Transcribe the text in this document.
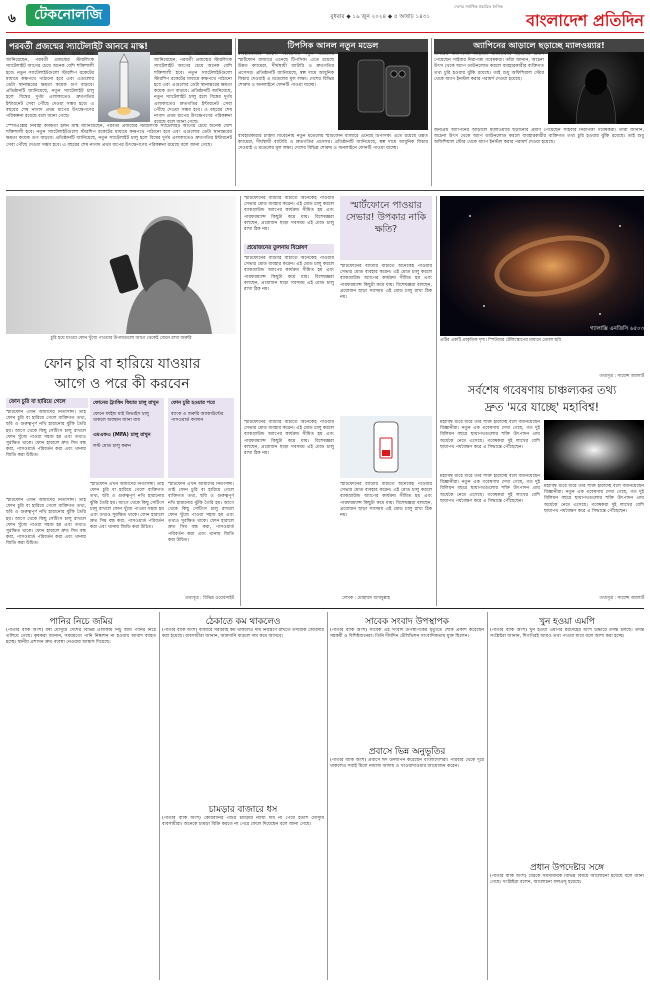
৬	টেকনোলজি	বুধবার ◆ ১৯ জুন ২০২৪ ◆ ৫ আষাঢ় ১৪৩১
দেশের সর্বাধিক প্রচারিত দৈনিক
বাংলাদেশ প্রতিদিন
পরবর্তী প্রজন্মের স্যাটেলাইট আনবে মাস্ক!
স্পেসএক্সের নির্বাহী কর্মকর্তা ইলন মাস্ক জানিয়েছেন, পরবর্তী প্রজন্মের স্টারলিংক স্যাটেলাইট আগের চেয়ে অনেক বেশি শক্তিশালী হবে। নতুন স্যাটেলাইটগুলো স্টারশিপ রকেটের মাধ্যমে কক্ষপথে পাঠানো হবে এবং এগুলোর ডেটা স্থানান্তরের ক্ষমতা কয়েক গুণ বাড়বে। প্রতিষ্ঠানটি জানিয়েছে, নতুন স্যাটেলাইট চালু হলে বিশ্বের দুর্গম এলাকাতেও দ্রুতগতির ইন্টারনেট সেবা পৌঁছে দেওয়া সম্ভব হবে। এ বছরের শেষ নাগাদ প্রথম ধাপের উৎক্ষেপণের পরিকল্পনা রয়েছে বলে জানা গেছে।
স্পেসএক্সের নির্বাহী কর্মকর্তা ইলন মাস্ক জানিয়েছেন, পরবর্তী প্রজন্মের স্টারলিংক স্যাটেলাইট আগের চেয়ে অনেক বেশি শক্তিশালী হবে। নতুন স্যাটেলাইটগুলো স্টারশিপ রকেটের মাধ্যমে কক্ষপথে পাঠানো হবে এবং এগুলোর ডেটা স্থানান্তরের ক্ষমতা কয়েক গুণ বাড়বে। প্রতিষ্ঠানটি জানিয়েছে, নতুন স্যাটেলাইট চালু হলে বিশ্বের দুর্গম এলাকাতেও দ্রুতগতির ইন্টারনেট সেবা পৌঁছে দেওয়া সম্ভব হবে। এ বছরের শেষ নাগাদ প্রথম ধাপের উৎক্ষেপণের পরিকল্পনা রয়েছে বলে জানা গেছে।
স্পেসএক্সের নির্বাহী কর্মকর্তা ইলন মাস্ক জানিয়েছেন, পরবর্তী প্রজন্মের স্টারলিংক স্যাটেলাইট আগের চেয়ে অনেক বেশি শক্তিশালী হবে। নতুন স্যাটেলাইটগুলো স্টারশিপ রকেটের মাধ্যমে কক্ষপথে পাঠানো হবে এবং এগুলোর ডেটা স্থানান্তরের ক্ষমতা কয়েক গুণ বাড়বে। প্রতিষ্ঠানটি জানিয়েছে, নতুন স্যাটেলাইট চালু হলে বিশ্বের দুর্গম এলাকাতেও দ্রুতগতির ইন্টারনেট সেবা পৌঁছে দেওয়া সম্ভব হবে। এ বছরের শেষ নাগাদ প্রথম ধাপের উৎক্ষেপণের পরিকল্পনা রয়েছে বলে জানা গেছে।
টিপসিক আনল নতুন মডেল
ব্যবহারকারীর চাহিদা বিবেচনায় নতুন মডেলের স্মার্টফোন বাজারে এনেছে টিপসিক। এতে রয়েছে উন্নত ক্যামেরা, দীর্ঘস্থায়ী ব্যাটারি ও দ্রুতগতির প্রসেসর। প্রতিষ্ঠানটি জানিয়েছে, স্বল্প দামে আধুনিক ফিচার দেওয়াই এ মডেলের মূল লক্ষ্য। দেশের বিভিন্ন শোরুম ও অনলাইনে ফোনটি পাওয়া যাচ্ছে।
ব্যবহারকারীর চাহিদা বিবেচনায় নতুন মডেলের স্মার্টফোন বাজারে এনেছে টিপসিক। এতে রয়েছে উন্নত ক্যামেরা, দীর্ঘস্থায়ী ব্যাটারি ও দ্রুতগতির প্রসেসর। প্রতিষ্ঠানটি জানিয়েছে, স্বল্প দামে আধুনিক ফিচার দেওয়াই এ মডেলের মূল লক্ষ্য। দেশের বিভিন্ন শোরুম ও অনলাইনে ফোনটি পাওয়া যাচ্ছে।
অ্যাপিনের আড়ালে ছড়াচ্ছে ম্যালওয়্যার!
জনপ্রিয় অ্যাপিনের আড়ালে ম্যালওয়্যার ছড়ানোর প্রমাণ পেয়েছেন সাইবার নিরাপত্তা গবেষকরা। তাঁরা জানান, অচেনা উৎস থেকে অ্যাপ ডাউনলোড করলে ব্যবহারকারীর ব্যক্তিগত তথ্য চুরি হওয়ার ঝুঁকি রয়েছে। তাই শুধু অফিশিয়াল স্টোর থেকে অ্যাপ ইনস্টল করার পরামর্শ দেওয়া হয়েছে।
জনপ্রিয় অ্যাপিনের আড়ালে ম্যালওয়্যার ছড়ানোর প্রমাণ পেয়েছেন সাইবার নিরাপত্তা গবেষকরা। তাঁরা জানান, অচেনা উৎস থেকে অ্যাপ ডাউনলোড করলে ব্যবহারকারীর ব্যক্তিগত তথ্য চুরি হওয়ার ঝুঁকি রয়েছে। তাই শুধু অফিশিয়াল স্টোর থেকে অ্যাপ ইনস্টল করার পরামর্শ দেওয়া হয়েছে।
চুরি হয়ে যাওয়া ফোন খুঁজে পাওয়ার উপায়গুলো আগে থেকেই জেনে রাখা জরুরি
ফোন চুরি বা হারিয়ে যাওয়ার
আগে ও পরে কী করবেন
ফোন চুরি বা হারিয়ে গেলে
স্মার্টফোন এখন আমাদের নিত্যসঙ্গী। তাই ফোন চুরি বা হারিয়ে গেলে ব্যক্তিগত তথ্য, ছবি ও গুরুত্বপূর্ণ নথি হারানোর ঝুঁকি তৈরি হয়। আগে থেকে কিছু সেটিংস চালু রাখলে ফোন খুঁজে পাওয়া সহজ হয় এবং তথ্যও সুরক্ষিত থাকে। ফোন হারালে দ্রুত সিম বন্ধ করা, পাসওয়ার্ড পরিবর্তন করা এবং থানায় জিডি করা উচিত।
ফোনের ট্র্যাকিং ফিচার চালু রাখুন
ফোনে ফাইন্ড মাই ডিভাইস চালু থাকলে অবস্থান জানা যায়
এমএফএ (MFA) চালু রাখুন
লস্ট মোড চালু করুন
ফোন চুরি হওয়ার পরে
ব্যাংক ও জরুরি অ্যাকাউন্টের পাসওয়ার্ড বদলান
স্মার্টফোন এখন আমাদের নিত্যসঙ্গী। তাই ফোন চুরি বা হারিয়ে গেলে ব্যক্তিগত তথ্য, ছবি ও গুরুত্বপূর্ণ নথি হারানোর ঝুঁকি তৈরি হয়। আগে থেকে কিছু সেটিংস চালু রাখলে ফোন খুঁজে পাওয়া সহজ হয় এবং তথ্যও সুরক্ষিত থাকে। ফোন হারালে দ্রুত সিম বন্ধ করা, পাসওয়ার্ড পরিবর্তন করা এবং থানায় জিডি করা উচিত।
স্মার্টফোন এখন আমাদের নিত্যসঙ্গী। তাই ফোন চুরি বা হারিয়ে গেলে ব্যক্তিগত তথ্য, ছবি ও গুরুত্বপূর্ণ নথি হারানোর ঝুঁকি তৈরি হয়। আগে থেকে কিছু সেটিংস চালু রাখলে ফোন খুঁজে পাওয়া সহজ হয় এবং তথ্যও সুরক্ষিত থাকে। ফোন হারালে দ্রুত সিম বন্ধ করা, পাসওয়ার্ড পরিবর্তন করা এবং থানায় জিডি করা উচিত।
স্মার্টফোন এখন আমাদের নিত্যসঙ্গী। তাই ফোন চুরি বা হারিয়ে গেলে ব্যক্তিগত তথ্য, ছবি ও গুরুত্বপূর্ণ নথি হারানোর ঝুঁকি তৈরি হয়। আগে থেকে কিছু সেটিংস চালু রাখলে ফোন খুঁজে পাওয়া সহজ হয় এবং তথ্যও সুরক্ষিত থাকে। ফোন হারালে দ্রুত সিম বন্ধ করা, পাসওয়ার্ড পরিবর্তন করা এবং থানায় জিডি করা উচিত।
তথ্যসূত্র : বিভিন্ন ওয়েবসাইট
স্মার্টফোনের ব্যাটারি বাঁচাতে অনেকেই পাওয়ার সেভার মোড ব্যবহার করেন। এই মোড চালু করলে ব্যাকগ্রাউন্ড অ্যাপের কার্যক্রম সীমিত হয় এবং পারফরম্যান্স কিছুটা কমে যায়। বিশেষজ্ঞরা বলছেন, প্রয়োজন ছাড়া সবসময় এই মোড চালু রাখা ঠিক নয়।
স্মার্টফোনে পাওয়ার সেভার! উপকার নাকি ক্ষতি?
প্রয়োজনের তুলনায় বিশ্লেষণ
স্মার্টফোনের ব্যাটারি বাঁচাতে অনেকেই পাওয়ার সেভার মোড ব্যবহার করেন। এই মোড চালু করলে ব্যাকগ্রাউন্ড অ্যাপের কার্যক্রম সীমিত হয় এবং পারফরম্যান্স কিছুটা কমে যায়। বিশেষজ্ঞরা বলছেন, প্রয়োজন ছাড়া সবসময় এই মোড চালু রাখা ঠিক নয়।
স্মার্টফোনের ব্যাটারি বাঁচাতে অনেকেই পাওয়ার সেভার মোড ব্যবহার করেন। এই মোড চালু করলে ব্যাকগ্রাউন্ড অ্যাপের কার্যক্রম সীমিত হয় এবং পারফরম্যান্স কিছুটা কমে যায়। বিশেষজ্ঞরা বলছেন, প্রয়োজন ছাড়া সবসময় এই মোড চালু রাখা ঠিক নয়।
স্মার্টফোনের ব্যাটারি বাঁচাতে অনেকেই পাওয়ার সেভার মোড ব্যবহার করেন। এই মোড চালু করলে ব্যাকগ্রাউন্ড অ্যাপের কার্যক্রম সীমিত হয় এবং পারফরম্যান্স কিছুটা কমে যায়। বিশেষজ্ঞরা বলছেন, প্রয়োজন ছাড়া সবসময় এই মোড চালু রাখা ঠিক নয়।
স্মার্টফোনের ব্যাটারি বাঁচাতে অনেকেই পাওয়ার সেভার মোড ব্যবহার করেন। এই মোড চালু করলে ব্যাকগ্রাউন্ড অ্যাপের কার্যক্রম সীমিত হয় এবং পারফরম্যান্স কিছুটা কমে যায়। বিশেষজ্ঞরা বলছেন, প্রয়োজন ছাড়া সবসময় এই মোড চালু রাখা ঠিক নয়।
লেখক : মোহাম্মদ আবদুল্লাহ
গ্যালাক্সি এনজিসি ৬৫০৩
এটির একটি প্রাকৃতিক দৃশ্য। স্পিটজার টেলিস্কোপের মাধ্যমে তোলা ছবি
তথ্যসূত্র : সায়েন্স অ্যালার্ট
সর্বশেষ গবেষণায় চাঞ্চল্যকর তথ্য
দ্রুত 'মরে যাচ্ছে' মহাবিশ্ব!
মহাবিশ্ব ধীরে ধীরে তার শক্তি হারাচ্ছে বলে জানিয়েছেন বিজ্ঞানীরা। নতুন এক গবেষণায় দেখা গেছে, গত দুই বিলিয়ন বছরে ছায়াপথগুলোর শক্তি উৎপাদন প্রায় অর্ধেকে নেমে এসেছে। গবেষকরা দুই লাখের বেশি ছায়াপথ পর্যবেক্ষণ করে এ সিদ্ধান্তে পৌঁছেছেন।
মহাবিশ্ব ধীরে ধীরে তার শক্তি হারাচ্ছে বলে জানিয়েছেন বিজ্ঞানীরা। নতুন এক গবেষণায় দেখা গেছে, গত দুই বিলিয়ন বছরে ছায়াপথগুলোর শক্তি উৎপাদন প্রায় অর্ধেকে নেমে এসেছে। গবেষকরা দুই লাখের বেশি ছায়াপথ পর্যবেক্ষণ করে এ সিদ্ধান্তে পৌঁছেছেন।
মহাবিশ্ব ধীরে ধীরে তার শক্তি হারাচ্ছে বলে জানিয়েছেন বিজ্ঞানীরা। নতুন এক গবেষণায় দেখা গেছে, গত দুই বিলিয়ন বছরে ছায়াপথগুলোর শক্তি উৎপাদন প্রায় অর্ধেকে নেমে এসেছে। গবেষকরা দুই লাখের বেশি ছায়াপথ পর্যবেক্ষণ করে এ সিদ্ধান্তে পৌঁছেছেন।
তথ্যসূত্র : সায়েন্স অ্যালার্ট
পানির নিচে জমির
(পাতার বাকি অংশ) বর্ষা মৌসুমে দেশের বিভিন্ন এলাকায় নিচু জমি পানির নিচে তলিয়ে গেছে। কৃষকরা জানান, সময়মতো পানি নিষ্কাশন না হওয়ায় আবাদ ব্যাহত হচ্ছে। স্থানীয় প্রশাসন দ্রুত ব্যবস্থা নেওয়ার আশ্বাস দিয়েছে।
ঠেকাতে কম থাকলেও
(পাতার বাকি অংশ) বাজারে সরবরাহ কম থাকলেও দাম নিয়ন্ত্রণে রাখতে তদারকি জোরদার করা হয়েছে। ব্যবসায়ীরা জানান, আমদানি বাড়লে দাম কমে আসবে।
চামড়ার বাজারে ধস
(পাতার বাকি অংশ) কোরবানির পশুর চামড়ার ন্যায্য দাম না পেয়ে হতাশ মৌসুমি ব্যবসায়ীরা। অনেকে চামড়া বিক্রি করতে না পেরে ফেলে দিয়েছেন বলে জানা গেছে।
সাবেক সংবাদ উপস্থাপক
(পাতার বাকি অংশ) সাবেক এই সংবাদ উপস্থাপকের মৃত্যুতে শোক প্রকাশ করেছেন সহকর্মী ও বিশিষ্টজনেরা। তিনি দীর্ঘদিন টেলিভিশন সাংবাদিকতায় যুক্ত ছিলেন।
প্রবাসে ভিন্ন অনুভূতির
(পাতার বাকি অংশ) প্রবাসে ঈদ উদযাপন করেছেন বাংলাদেশিরা। পরিবার থেকে দূরে থাকলেও সবাই মিলে নামাজ আদায় ও খাওয়াদাওয়ার আয়োজন করেন।
খুন হওয়া এমপি
(পাতার বাকি অংশ) খুন হওয়া এমপির মরদেহের অংশ উদ্ধারে তদন্ত চলছে। তদন্ত সংশ্লিষ্টরা জানান, শিগগিরই আরও তথ্য পাওয়া যাবে বলে আশা করা হচ্ছে।
প্রধান উপদেষ্টার সঙ্গে
(পাতার বাকি অংশ) বৈঠকে সমসাময়িক বিভিন্ন বিষয়ে আলোচনা হয়েছে বলে জানা গেছে। সংশ্লিষ্টরা বলেন, আলোচনা ফলপ্রসূ হয়েছে।
